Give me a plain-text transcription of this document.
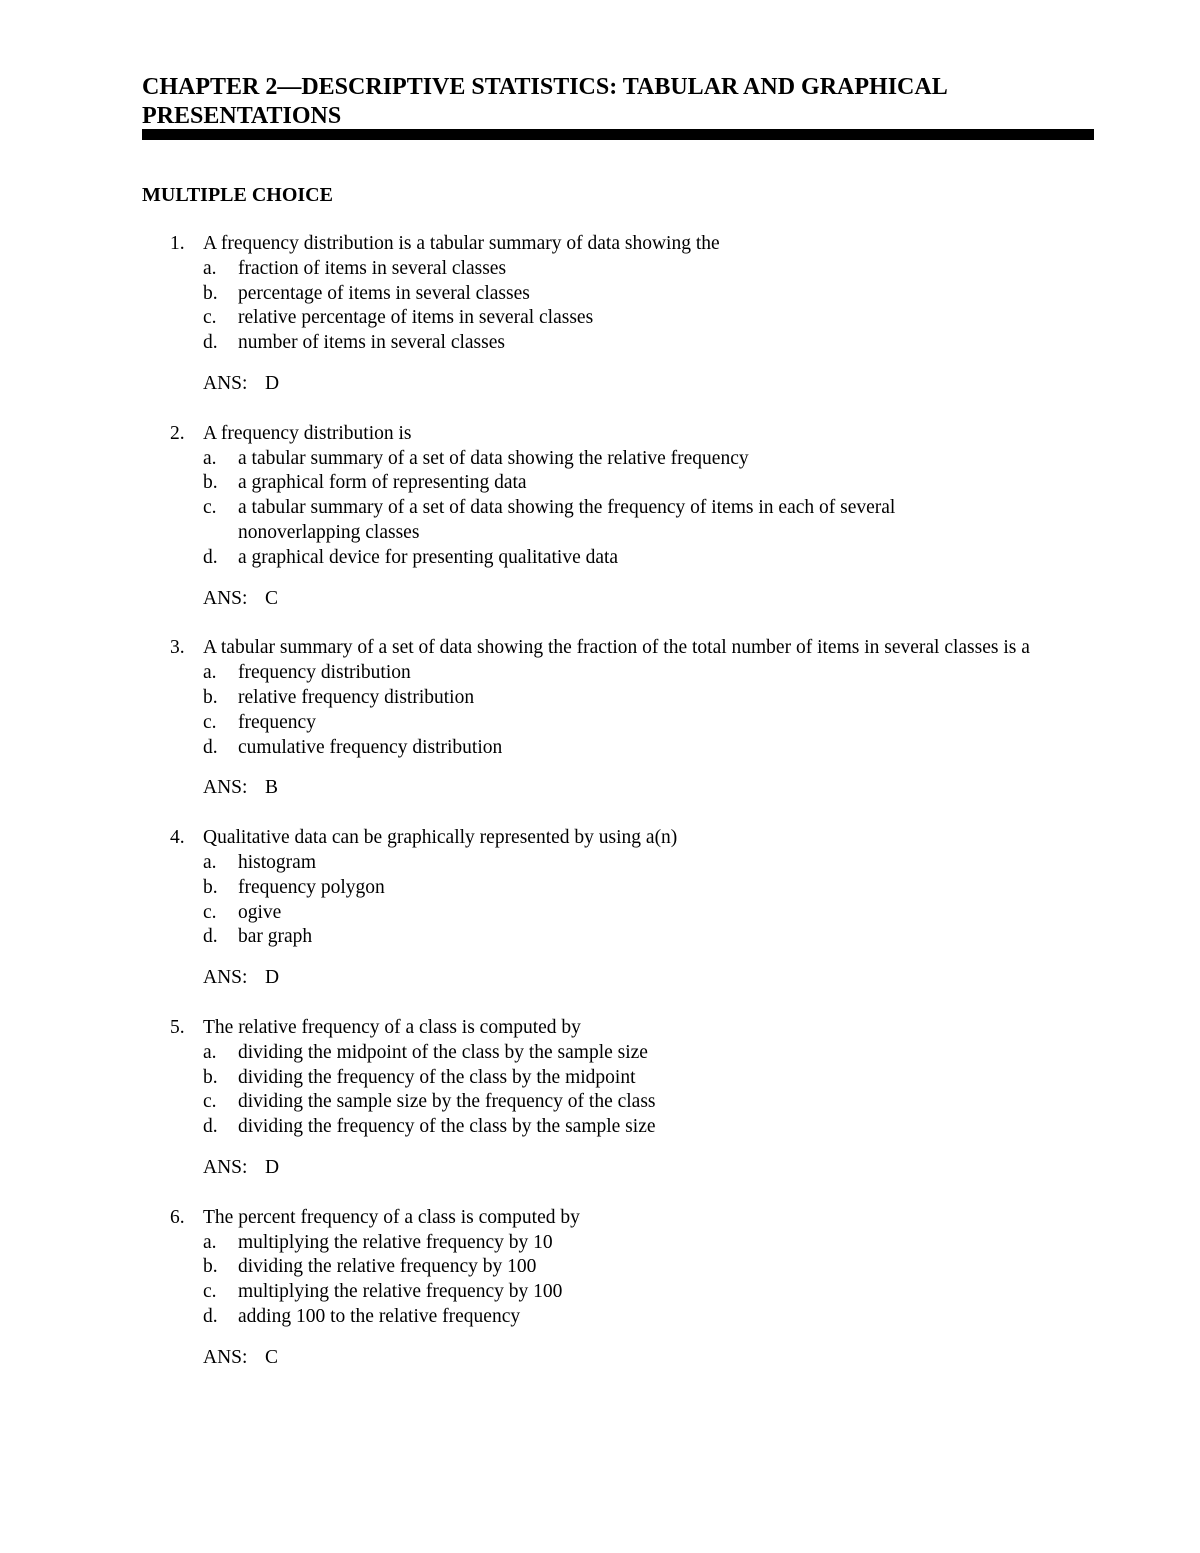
CHAPTER 2—DESCRIPTIVE STATISTICS: TABULAR AND GRAPHICAL PRESENTATIONS
MULTIPLE CHOICE
1. A frequency distribution is a tabular summary of data showing the
a. fraction of items in several classes
b. percentage of items in several classes
c. relative percentage of items in several classes
d. number of items in several classes
ANS: D
2. A frequency distribution is
a. a tabular summary of a set of data showing the relative frequency
b. a graphical form of representing data
c. a tabular summary of a set of data showing the frequency of items in each of several nonoverlapping classes
d. a graphical device for presenting qualitative data
ANS: C
3. A tabular summary of a set of data showing the fraction of the total number of items in several classes is a
a. frequency distribution
b. relative frequency distribution
c. frequency
d. cumulative frequency distribution
ANS: B
4. Qualitative data can be graphically represented by using a(n)
a. histogram
b. frequency polygon
c. ogive
d. bar graph
ANS: D
5. The relative frequency of a class is computed by
a. dividing the midpoint of the class by the sample size
b. dividing the frequency of the class by the midpoint
c. dividing the sample size by the frequency of the class
d. dividing the frequency of the class by the sample size
ANS: D
6. The percent frequency of a class is computed by
a. multiplying the relative frequency by 10
b. dividing the relative frequency by 100
c. multiplying the relative frequency by 100
d. adding 100 to the relative frequency
ANS: C
